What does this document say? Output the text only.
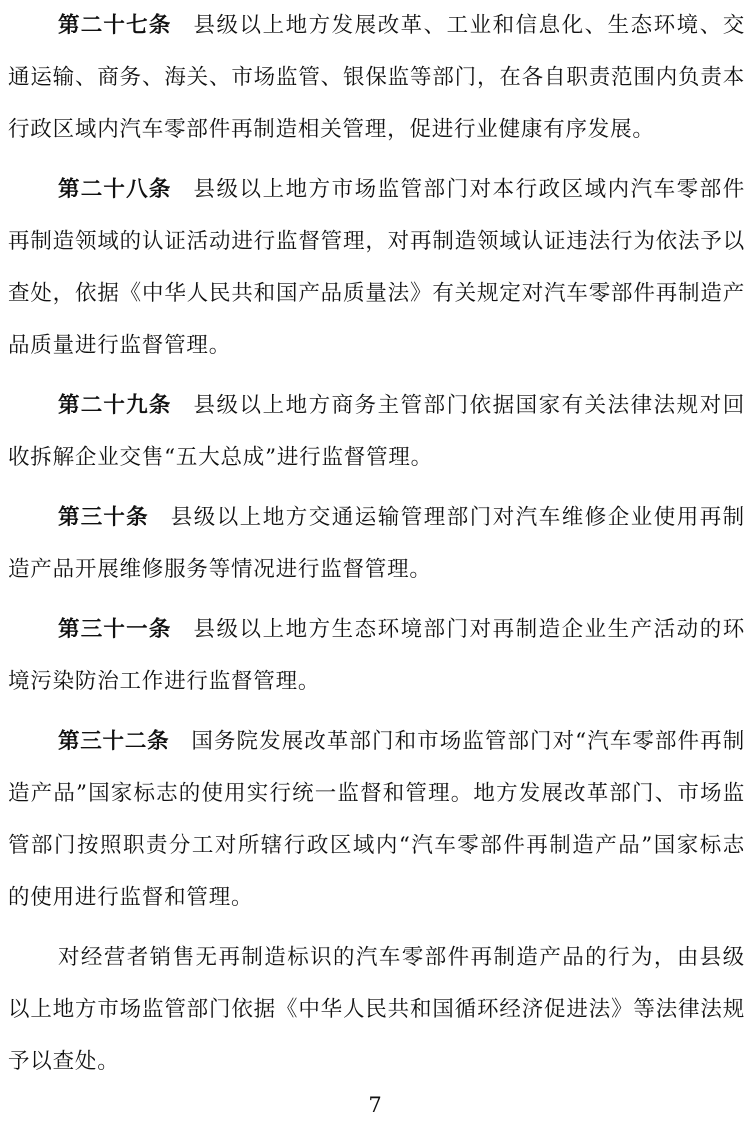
第二十七条 县级以上地方发展改革、工业和信息化、生态环境、交通运输、商务、海关、市场监管、银保监等部门，在各自职责范围内负责本行政区域内汽车零部件再制造相关管理，促进行业健康有序发展。

第二十八条 县级以上地方市场监管部门对本行政区域内汽车零部件再制造领域的认证活动进行监督管理，对再制造领域认证违法行为依法予以查处，依据《中华人民共和国产品质量法》有关规定对汽车零部件再制造产品质量进行监督管理。

第二十九条 县级以上地方商务主管部门依据国家有关法律法规对回收拆解企业交售“五大总成”进行监督管理。

第三十条 县级以上地方交通运输管理部门对汽车维修企业使用再制造产品开展维修服务等情况进行监督管理。

第三十一条 县级以上地方生态环境部门对再制造企业生产活动的环境污染防治工作进行监督管理。

第三十二条 国务院发展改革部门和市场监管部门对“汽车零部件再制造产品”国家标志的使用实行统一监督和管理。地方发展改革部门、市场监管部门按照职责分工对所辖行政区域内“汽车零部件再制造产品”国家标志的使用进行监督和管理。

对经营者销售无再制造标识的汽车零部件再制造产品的行为，由县级以上地方市场监管部门依据《中华人民共和国循环经济促进法》等法律法规予以查处。

7
